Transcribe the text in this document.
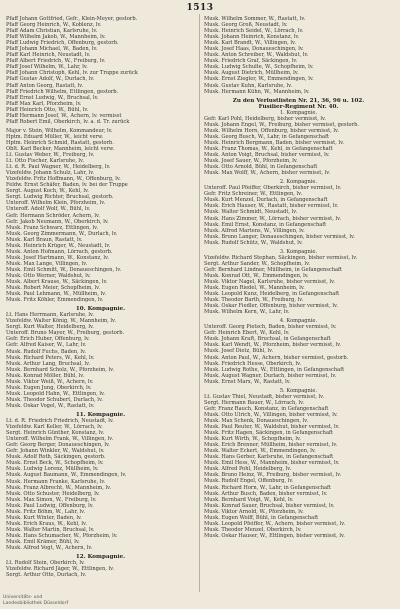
1513
Pfaff Johann Gottfried, Gefr., Klein-Meyer, gestorb.
Pfaff Georg Heinrich, W., Koblenz, lv.
Pfaff Adam Christian, Karlsruhe, lv.
Pfaff Wilhelm Jakob, W., Mannheim, lv.
Pfaff Ludwig Friedrich, Offenburg, gestorb.
Pfaff Johann Michael, W., Baden, lv.
Pfaff Karl Heinrich, Neustadt, lv.
Pfaff Albert Friedrich, W., Freiburg, lv.
Pfaff Josef Wilhelm, W., Lahr, lv.
Pfaff Johann Christoph, Kehl, lv. zur Truppe zurück
Pfaff Gustav Adolf, W., Durlach, lv.
Pfaff Anton Georg, Rastatt, lv.
Pfaff Friedrich Wilhelm, Ettlingen, gestorb.
Pfaff Ernst Ludwig, W., Bruchsal, lv.
Pfaff Max Karl, Pforzheim, lv.
Pfaff Heinrich Otto, W., Bühl, lv.
Pfaff Hermann Josef, W., Achern, lv. vermisst
Pfaff Robert Emil, Oberkirch, lv. a. d. Tr. zurück
Major v. Stein, Wilhelm, Kommandeur, lv.
Hptm. Eduard Müller, W., leicht verw.
Hptm. Heinrich Schmid, Rastatt, gestorb.
Oblt. Karl Becker, Mannheim, leicht verw.
Lt. Gustav Weber, W., Freiburg, lv.
Lt. Otto Fischer, Karlsruhe, lv.
Lt. d. R. Paul Wagner, W., Heidelberg, lv.
Vizefeldw. Johann Schulz, Lahr, lv.
Vizefeldw. Fritz Hoffmann, W., Offenburg, lv.
Feldw. Ernst Schäfer, Baden, lv. bei der Truppe
Sergt. August Koch, W., Kehl, lv.
Sergt. Ludwig Richter, Bruchsal, gestorb.
Unteroff. Wilhelm Klein, Pforzheim, lv.
Unteroff. Adolf Wolf, W., Bühl, lv.
Gefr. Hermann Schröder, Achern, lv.
Gefr. Jakob Neumann, W., Oberkirch, lv.
Musk. Franz Schwarz, Ettlingen, lv.
Musk. Georg Zimmermann, W., Durlach, lv.
Musk. Karl Braun, Rastatt, lv.
Musk. Heinrich Krüger, W., Neustadt, lv.
Musk. Anton Hofmann, Lörrach, gestorb.
Musk. Josef Hartmann, W., Konstanz, lv.
Musk. Max Lange, Villingen, lv.
Musk. Emil Schmitt, W., Donaueschingen, lv.
Musk. Otto Werner, Waldshut, lv.
Musk. Albert Krause, W., Säckingen, lv.
Musk. Robert Meier, Schopfheim, lv.
Musk. Paul Lehmann, W., Müllheim, lv.
Musk. Fritz Köhler, Emmendingen, lv.
10. Kompagnie.
Lt. Hans Herrmann, Karlsruhe, lv.
Vizefeldw. Walter König, W., Mannheim, lv.
Sergt. Kurt Walter, Heidelberg, lv.
Unteroff. Bruno Mayer, W., Freiburg, gestorb.
Gefr. Erich Huber, Offenburg, lv.
Gefr. Alfred Kaiser, W., Lahr, lv.
Musk. Rudolf Fuchs, Baden, lv.
Musk. Richard Peters, W., Kehl, lv.
Musk. Arthur Lang, Bruchsal, lv.
Musk. Bernhard Scholz, W., Pforzheim, lv.
Musk. Konrad Möller, Bühl, lv.
Musk. Viktor Weiß, W., Achern, lv.
Musk. Eugen Jung, Oberkirch, lv.
Musk. Leopold Hahn, W., Ettlingen, lv.
Musk. Theodor Schubert, Durlach, lv.
Musk. Oskar Vogel, W., Rastatt, lv.
11. Kompagnie.
Lt. d. R. Friedrich Friedrich, Neustadt, lv.
Vizefeldw. Karl Keller, W., Lörrach, lv.
Sergt. Heinrich Günther, Konstanz, lv.
Unteroff. Wilhelm Frank, W., Villingen, lv.
Gefr. Georg Berger, Donaueschingen, lv.
Gefr. Johann Winkler, W., Waldshut, lv.
Musk. Adolf Roth, Säckingen, gestorb.
Musk. Ernst Beck, W., Schopfheim, lv.
Musk. Ludwig Lorenz, Müllheim, lv.
Musk. August Baumann, W., Emmendingen, lv.
Musk. Hermann Franke, Karlsruhe, lv.
Musk. Franz Albrecht, W., Mannheim, lv.
Musk. Otto Schuster, Heidelberg, lv.
Musk. Max Simon, W., Freiburg, lv.
Musk. Paul Ludwig, Offenburg, lv.
Musk. Fritz Böhm, W., Lahr, lv.
Musk. Kurt Winter, Baden, lv.
Musk. Erich Kraus, W., Kehl, lv.
Musk. Walter Martin, Bruchsal, lv.
Musk. Hans Schumacher, W., Pforzheim, lv.
Musk. Emil Krämer, Bühl, lv.
Musk. Alfred Vogt, W., Achern, lv.
12. Kompagnie.
Lt. Rudolf Stein, Oberkirch, lv.
Vizefeldw. Richard Jäger, W., Ettlingen, lv.
Sergt. Arthur Otto, Durlach, lv.
Musk. Wilhelm Sommer, W., Rastatt, lv.
Musk. Georg Groß, Neustadt, lv.
Musk. Heinrich Seidel, W., Lörrach, lv.
Musk. Johann Heinrich, Konstanz, lv.
Musk. Karl Brandt, W., Villingen, lv.
Musk. Josef Haas, Donaueschingen, lv.
Musk. Anton Schreiber, W., Waldshut, lv.
Musk. Friedrich Graf, Säckingen, lv.
Musk. Ludwig Schulte, W., Schopfheim, lv.
Musk. August Dietrich, Müllheim, lv.
Musk. Ernst Ziegler, W., Emmendingen, lv.
Musk. Gustav Kuhn, Karlsruhe, lv.
Musk. Hermann Kühn, W., Mannheim, lv.
Zu den Verlustlisten Nr. 21, 36, 96 u. 102.
Füsilier-Regiment Nr. 40.
1. Kompagnie.
Gefr. Karl Pohl, Heidelberg, bisher vermisst, lv.
Musk. Johann Engel, W., Freiburg, bisher vermisst, gestorb.
Musk. Wilhelm Horn, Offenburg, bisher vermisst, lv.
Musk. Georg Busch, W., Lahr, in Gefangenschaft
Musk. Heinrich Bergmann, Baden, bisher vermisst, lv.
Musk. Franz Thomas, W., Kehl, in Gefangenschaft
Musk. Anton Voigt, Bruchsal, bisher vermisst, lv.
Musk. Josef Sauer, W., Pforzheim, lv.
Musk. Otto Arnold, Bühl, in Gefangenschaft
Musk. Max Wolff, W., Achern, bisher vermisst, lv.
2. Kompagnie.
Unteroff. Paul Pfeiffer, Oberkirch, bisher vermisst, lv.
Gefr. Fritz Schreiner, W., Ettlingen, lv.
Musk. Kurt Menzel, Durlach, in Gefangenschaft
Musk. Erich Hauser, W., Rastatt, bisher vermisst, lv.
Musk. Walter Schmidt, Neustadt, lv.
Musk. Hans Zimmer, W., Lörrach, bisher vermisst, lv.
Musk. Emil Ernst, Konstanz, in Gefangenschaft
Musk. Alfred Martens, W., Villingen, lv.
Musk. Bruno Langer, Donaueschingen, bisher vermisst, lv.
Musk. Rudolf Schütz, W., Waldshut, lv.
3. Kompagnie.
Vizefeldw. Richard Stephan, Säckingen, bisher vermisst, lv.
Sergt. Arthur Sander, W., Schopfheim, lv.
Gefr. Bernhard Lindner, Müllheim, in Gefangenschaft
Musk. Konrad Ott, W., Emmendingen, lv.
Musk. Viktor Nagel, Karlsruhe, bisher vermisst, lv.
Musk. Eugen Riedel, W., Mannheim, lv.
Musk. Leopold Kunz, Heidelberg, in Gefangenschaft
Musk. Theodor Barth, W., Freiburg, lv.
Musk. Oskar Fiedler, Offenburg, bisher vermisst, lv.
Musk. Wilhelm Kern, W., Lahr, lv.
4. Kompagnie.
Unteroff. Georg Pietsch, Baden, bisher vermisst, lv.
Gefr. Heinrich Ebert, W., Kehl, lv.
Musk. Johann Kraft, Bruchsal, in Gefangenschaft
Musk. Karl Wendt, W., Pforzheim, bisher vermisst, lv.
Musk. Josef Dietz, Bühl, lv.
Musk. Anton Paul, W., Achern, bisher vermisst, gestorb.
Musk. Friedrich Hesse, Oberkirch, lv.
Musk. Ludwig Rothe, W., Ettlingen, in Gefangenschaft
Musk. August Wagner, Durlach, bisher vermisst, lv.
Musk. Ernst Marx, W., Rastatt, lv.
5. Kompagnie.
Lt. Gustav Thiel, Neustadt, bisher vermisst, lv.
Sergt. Hermann Bauer, W., Lörrach, lv.
Gefr. Franz Rauch, Konstanz, in Gefangenschaft
Musk. Otto Ulrich, W., Villingen, bisher vermisst, lv.
Musk. Max Schenk, Donaueschingen, lv.
Musk. Paul Reuter, W., Waldshut, bisher vermisst, lv.
Musk. Fritz Hagen, Säckingen, in Gefangenschaft
Musk. Kurt Wirth, W., Schopfheim, lv.
Musk. Erich Brenner, Müllheim, bisher vermisst, lv.
Musk. Walter Eckert, W., Emmendingen, lv.
Musk. Hans Gerber, Karlsruhe, in Gefangenschaft
Musk. Emil Hess, W., Mannheim, bisher vermisst, lv.
Musk. Alfred Pohl, Heidelberg, lv.
Musk. Bruno Heinz, W., Freiburg, bisher vermisst, lv.
Musk. Rudolf Engel, Offenburg, lv.
Musk. Richard Horn, W., Lahr, in Gefangenschaft
Musk. Arthur Busch, Baden, bisher vermisst, lv.
Musk. Bernhard Voigt, W., Kehl, lv.
Musk. Konrad Sauer, Bruchsal, bisher vermisst, lv.
Musk. Viktor Arnold, W., Pforzheim, lv.
Musk. Eugen Wolff, Bühl, in Gefangenschaft
Musk. Leopold Pfeiffer, W., Achern, bisher vermisst, lv.
Musk. Theodor Menzel, Oberkirch, lv.
Musk. Oskar Hauser, W., Ettlingen, bisher vermisst, lv.
Universitäts- und
Landesbibliothek Düsseldorf
